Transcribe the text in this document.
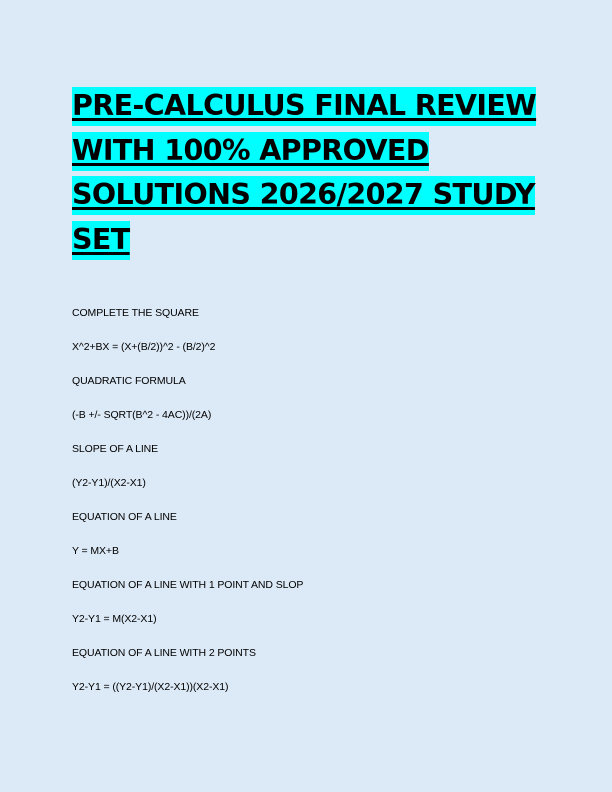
PRE-CALCULUS FINAL REVIEW WITH 100% APPROVED SOLUTIONS 2026/2027 STUDY SET
COMPLETE THE SQUARE
X^2+BX = (X+(B/2))^2 - (B/2)^2
QUADRATIC FORMULA
(-B +/- SQRT(B^2 - 4AC))/(2A)
SLOPE OF A LINE
(Y2-Y1)/(X2-X1)
EQUATION OF A LINE
Y = MX+B
EQUATION OF A LINE WITH 1 POINT AND SLOP
Y2-Y1 = M(X2-X1)
EQUATION OF A LINE WITH 2 POINTS
Y2-Y1 = ((Y2-Y1)/(X2-X1))(X2-X1)
